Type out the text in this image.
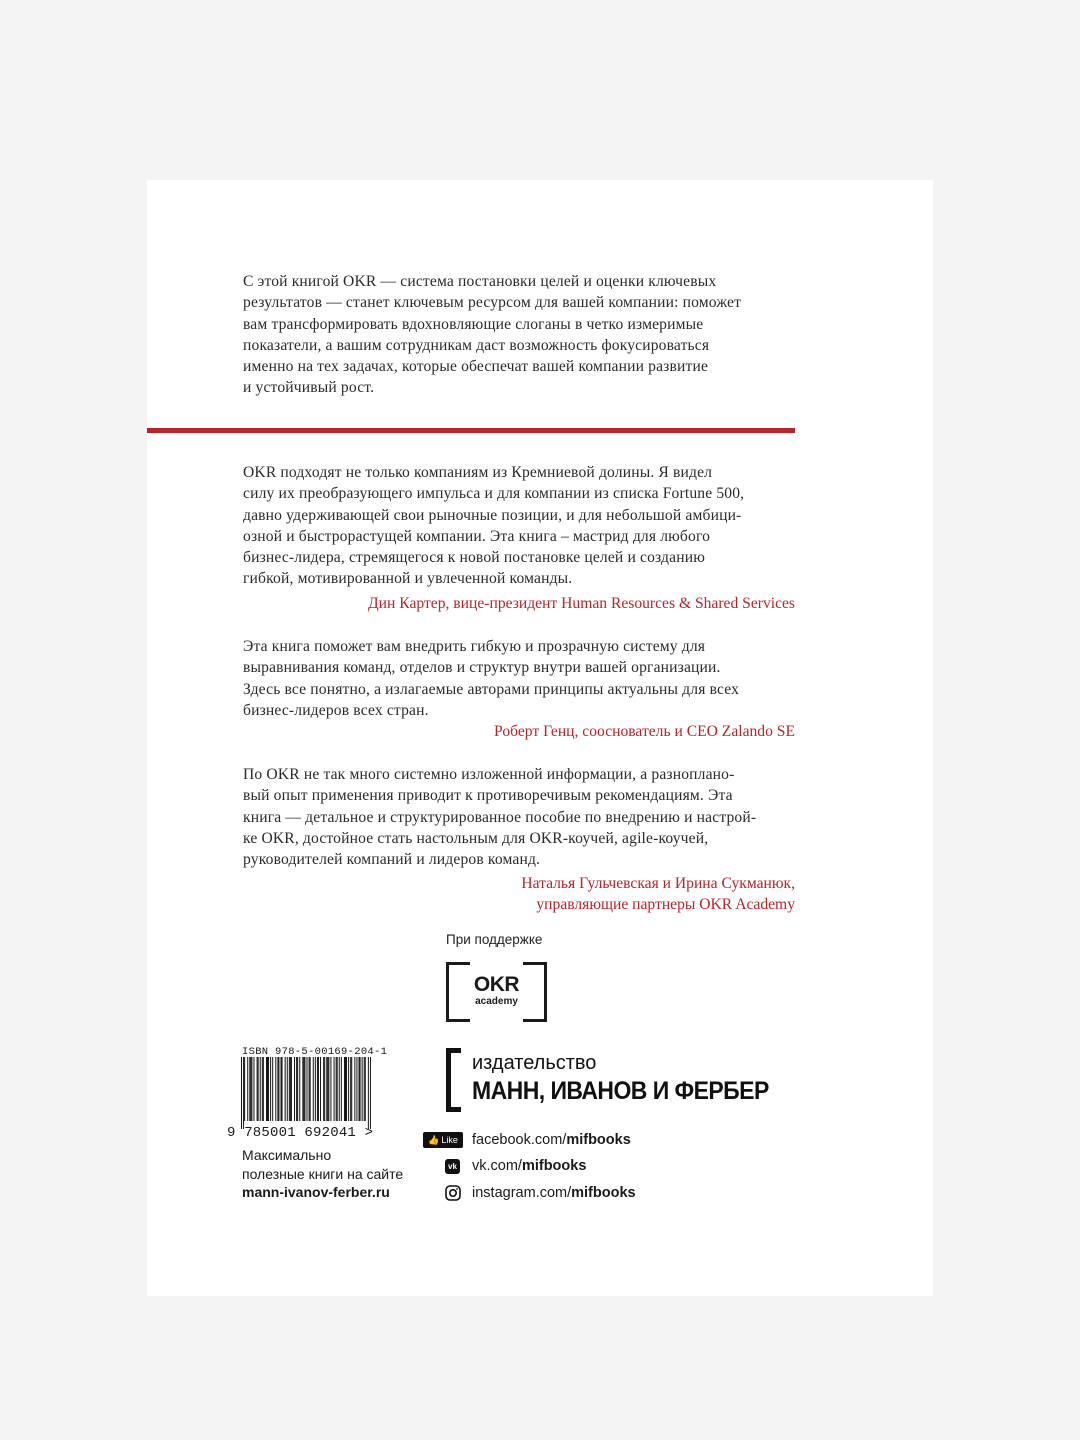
С этой книгой OKR — система постановки целей и оценки ключевых
результатов — станет ключевым ресурсом для вашей компании: поможет
вам трансформировать вдохновляющие слоганы в четко измеримые
показатели, а вашим сотрудникам даст возможность фокусироваться
именно на тех задачах, которые обеспечат вашей компании развитие
и устойчивый рост.
OKR подходят не только компаниям из Кремниевой долины. Я видел
силу их преобразующего импульса и для компании из списка Fortune 500,
давно удерживающей свои рыночные позиции, и для небольшой амбици-
озной и быстрорастущей компании. Эта книга – мастрид для любого
бизнес-лидера, стремящегося к новой постановке целей и созданию
гибкой, мотивированной и увлеченной команды.
Дин Картер, вице-президент Human Resources & Shared Services
Эта книга поможет вам внедрить гибкую и прозрачную систему для
выравнивания команд, отделов и структур внутри вашей организации.
Здесь все понятно, а излагаемые авторами принципы актуальны для всех
бизнес-лидеров всех стран.
Роберт Генц, сооснователь и CEO Zalando SE
По OKR не так много системно изложенной информации, а разноплано-
вый опыт применения приводит к противоречивым рекомендациям. Эта
книга — детальное и структурированное пособие по внедрению и настрой-
ке OKR, достойное стать настольным для OKR-коучей, agile-коучей,
руководителей компаний и лидеров команд.
Наталья Гульчевская и Ирина Сукманюк,
управляющие партнеры OKR Academy
При поддержке
OKR
academy
ISBN 978-5-00169-204-1
9 785001 692041 >
Максимально
полезные книги на сайте
mann-ivanov-ferber.ru
издательство
МАНН, ИВАНОВ И ФЕРБЕР
👍 Like facebook.com/mifbooks
vk vk.com/mifbooks
instagram.com/mifbooks
